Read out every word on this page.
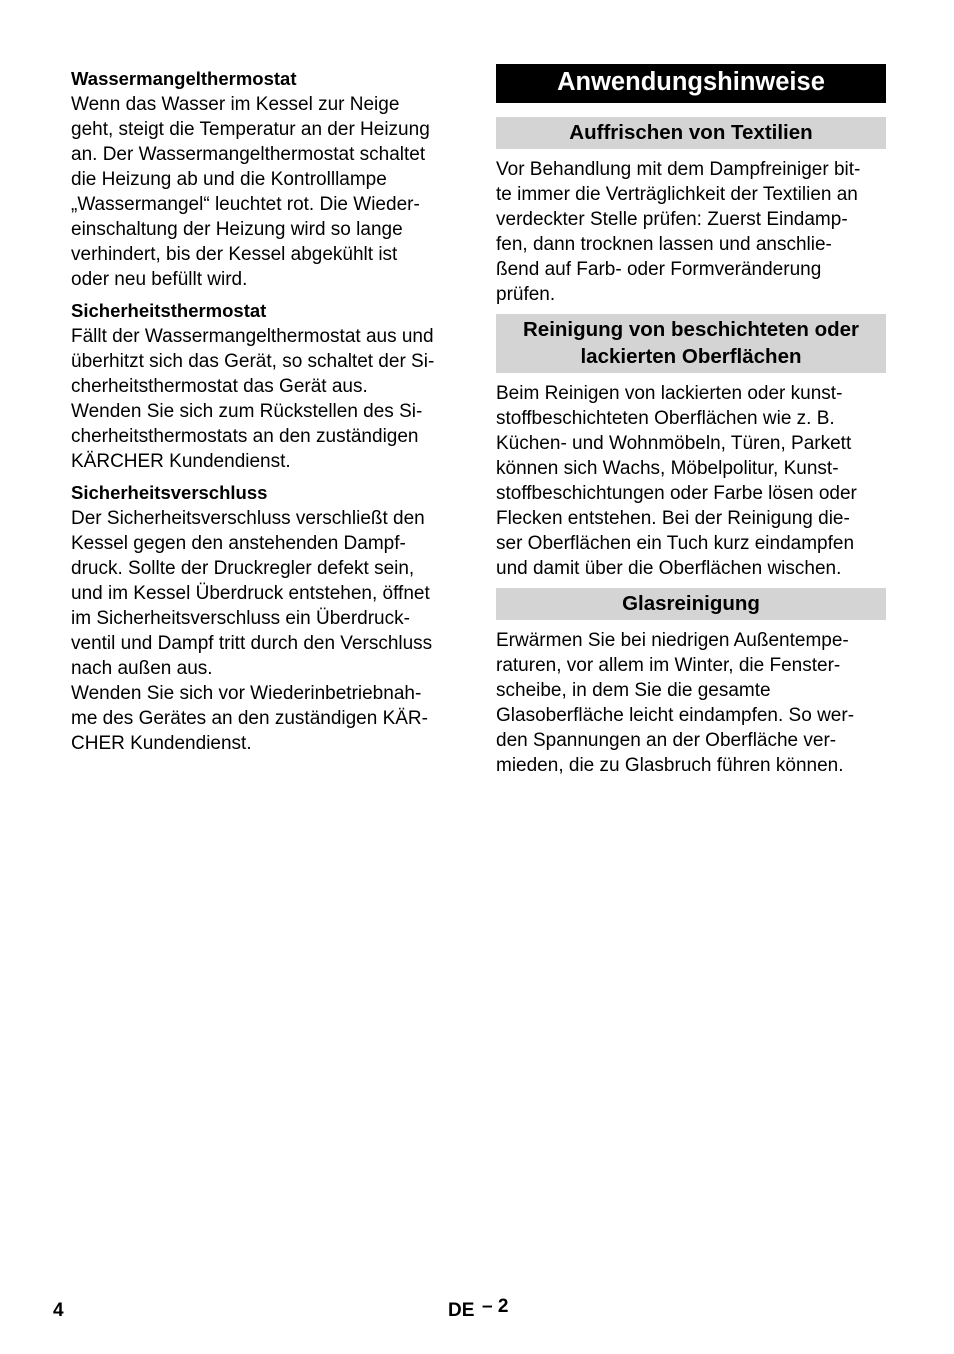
Wassermangelthermostat
Wenn das Wasser im Kessel zur Neige
geht, steigt die Temperatur an der Heizung
an. Der Wassermangelthermostat schaltet
die Heizung ab und die Kontrolllampe
„Wassermangel“ leuchtet rot. Die Wieder-
einschaltung der Heizung wird so lange
verhindert, bis der Kessel abgekühlt ist
oder neu befüllt wird.
Sicherheitsthermostat
Fällt der Wassermangelthermostat aus und
überhitzt sich das Gerät, so schaltet der Si-
cherheitsthermostat das Gerät aus.
Wenden Sie sich zum Rückstellen des Si-
cherheitsthermostats an den zuständigen
KÄRCHER Kundendienst.
Sicherheitsverschluss
Der Sicherheitsverschluss verschließt den
Kessel gegen den anstehenden Dampf-
druck. Sollte der Druckregler defekt sein,
und im Kessel Überdruck entstehen, öffnet
im Sicherheitsverschluss ein Überdruck-
ventil und Dampf tritt durch den Verschluss
nach außen aus.
Wenden Sie sich vor Wiederinbetriebnah-
me des Gerätes an den zuständigen KÄR-
CHER Kundendienst.
Anwendungshinweise
Auffrischen von Textilien
Vor Behandlung mit dem Dampfreiniger bit-
te immer die Verträglichkeit der Textilien an
verdeckter Stelle prüfen: Zuerst Eindamp-
fen, dann trocknen lassen und anschlie-
ßend auf Farb- oder Formveränderung
prüfen.
Reinigung von beschichteten oder
lackierten Oberflächen
Beim Reinigen von lackierten oder kunst-
stoffbeschichteten Oberflächen wie z. B.
Küchen- und Wohnmöbeln, Türen, Parkett
können sich Wachs, Möbelpolitur, Kunst-
stoffbeschichtungen oder Farbe lösen oder
Flecken entstehen. Bei der Reinigung die-
ser Oberflächen ein Tuch kurz eindampfen
und damit über die Oberflächen wischen.
Glasreinigung
Erwärmen Sie bei niedrigen Außentempe-
raturen, vor allem im Winter, die Fenster-
scheibe, in dem Sie die gesamte
Glasoberfläche leicht eindampfen. So wer-
den Spannungen an der Oberfläche ver-
mieden, die zu Glasbruch führen können.
4	DE – 2
